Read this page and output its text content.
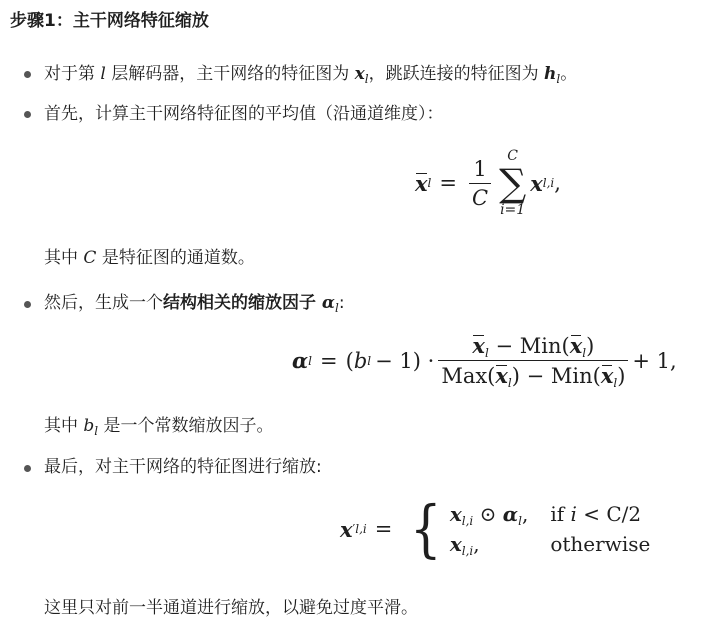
步骤1：主干网络特征缩放
对于第 l 层解码器，主干网络的特征图为 $x_l$，跳跃连接的特征图为 $h_l$。
首先，计算主干网络特征图的平均值（沿通道维度）：
x $l = \frac{1}{C}$
C
∑
i=1
x l,i ,
其中 C 是特征图的通道数。
然后，生成一个结构相关的缩放因子 $\alpha_l$:
α l = ( b $l - 1) \cdot \frac{x_l - Min(x_l)}{Max(x_l) - Min(x_l)} + 1$,
其中 $b_l$ 是一个常数缩放因子。
最后，对主干网络的特征图进行缩放:
x ′ l,i = { $x_{l,i}$ ⊙ $\alpha_l$, if i < C/2
$x_{l,i}$,	otherwise
这里只对前一半通道进行缩放，以避免过度平滑。
